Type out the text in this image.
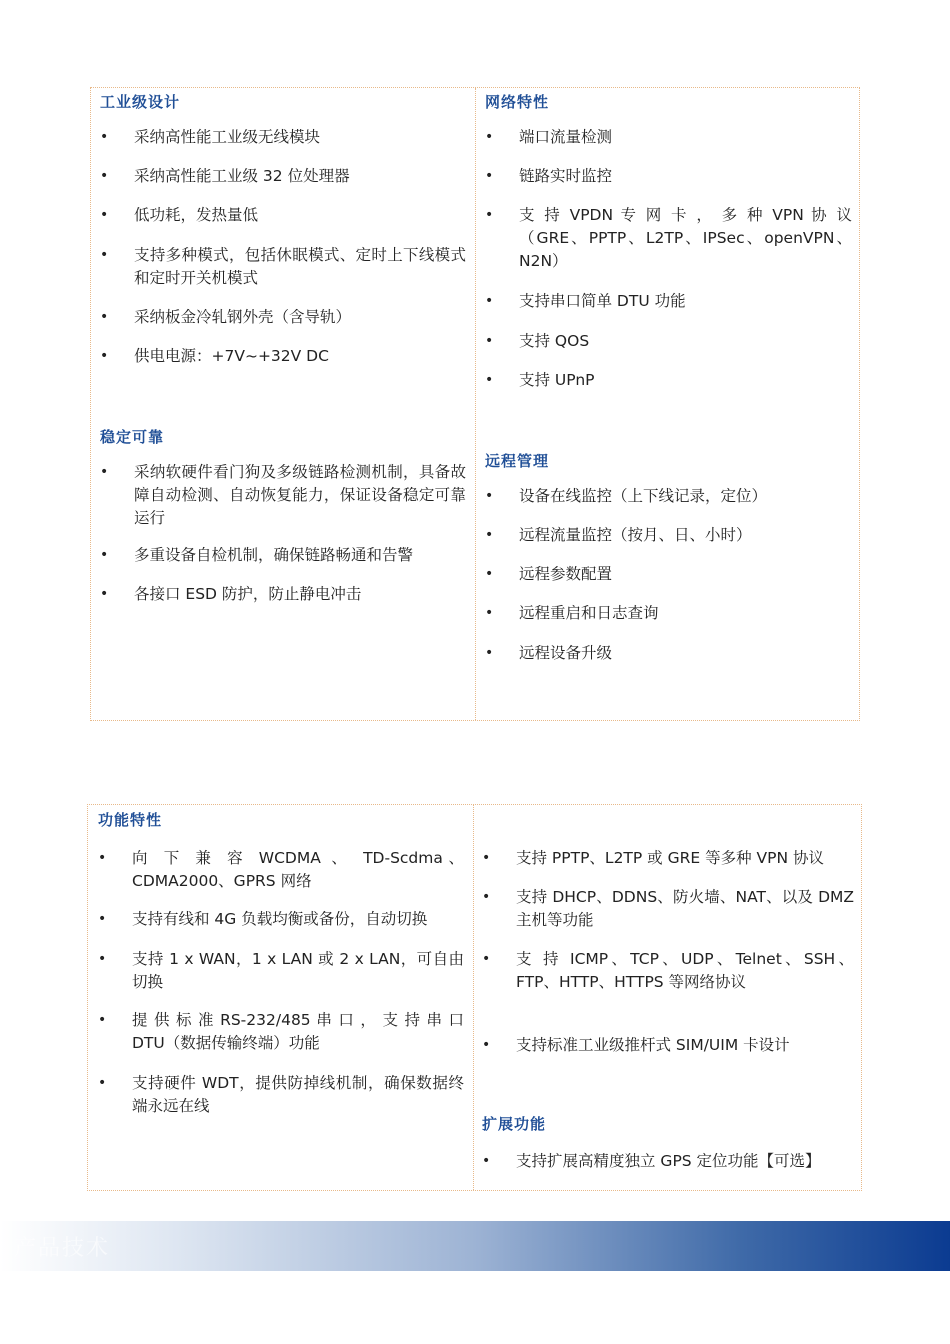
工业级设计
• 采纳高性能工业级无线模块
• 采纳高性能工业级 32 位处理器
• 低功耗，发热量低
• 支持多种模式，包括休眠模式、定时上下线模式和定时开关机模式
• 采纳板金冷轧钢外壳（含导轨）
• 供电电源：+7V~+32V DC
稳定可靠
• 采纳软硬件看门狗及多级链路检测机制，具备故障自动检测、自动恢复能力，保证设备稳定可靠运行
• 多重设备自检机制，确保链路畅通和告警
• 各接口 ESD 防护，防止静电冲击
网络特性
• 端口流量检测
• 链路实时监控
• 支 持 VPDN 专 网 卡 ， 多 种 VPN 协 议（GRE、PPTP、L2TP、IPSec、openVPN、N2N）
• 支持串口简单 DTU 功能
• 支持 QOS
• 支持 UPnP
远程管理
• 设备在线监控（上下线记录，定位）
• 远程流量监控（按月、日、小时）
• 远程参数配置
• 远程重启和日志查询
• 远程设备升级
功能特性
• 向 下 兼 容 WCDMA 、 TD-Scdma、CDMA2000、GPRS 网络
• 支持有线和 4G 负载均衡或备份，自动切换
• 支持 1 x WAN，1 x LAN 或 2 x LAN，可自由切换
• 提 供 标 准 RS-232/485 串 口 ， 支 持 串 口DTU（数据传输终端）功能
• 支持硬件 WDT，提供防掉线机制，确保数据终端永远在线
• 支持 PPTP、L2TP 或 GRE 等多种 VPN 协议
• 支持 DHCP、DDNS、防火墙、NAT、以及 DMZ 主机等功能
• 支 持 ICMP、TCP、UDP、Telnet、SSH、FTP、HTTP、HTTPS 等网络协议
• 支持标准工业级推杆式 SIM/UIM 卡设计
扩展功能
• 支持扩展高精度独立 GPS 定位功能【可选】
产品技术
